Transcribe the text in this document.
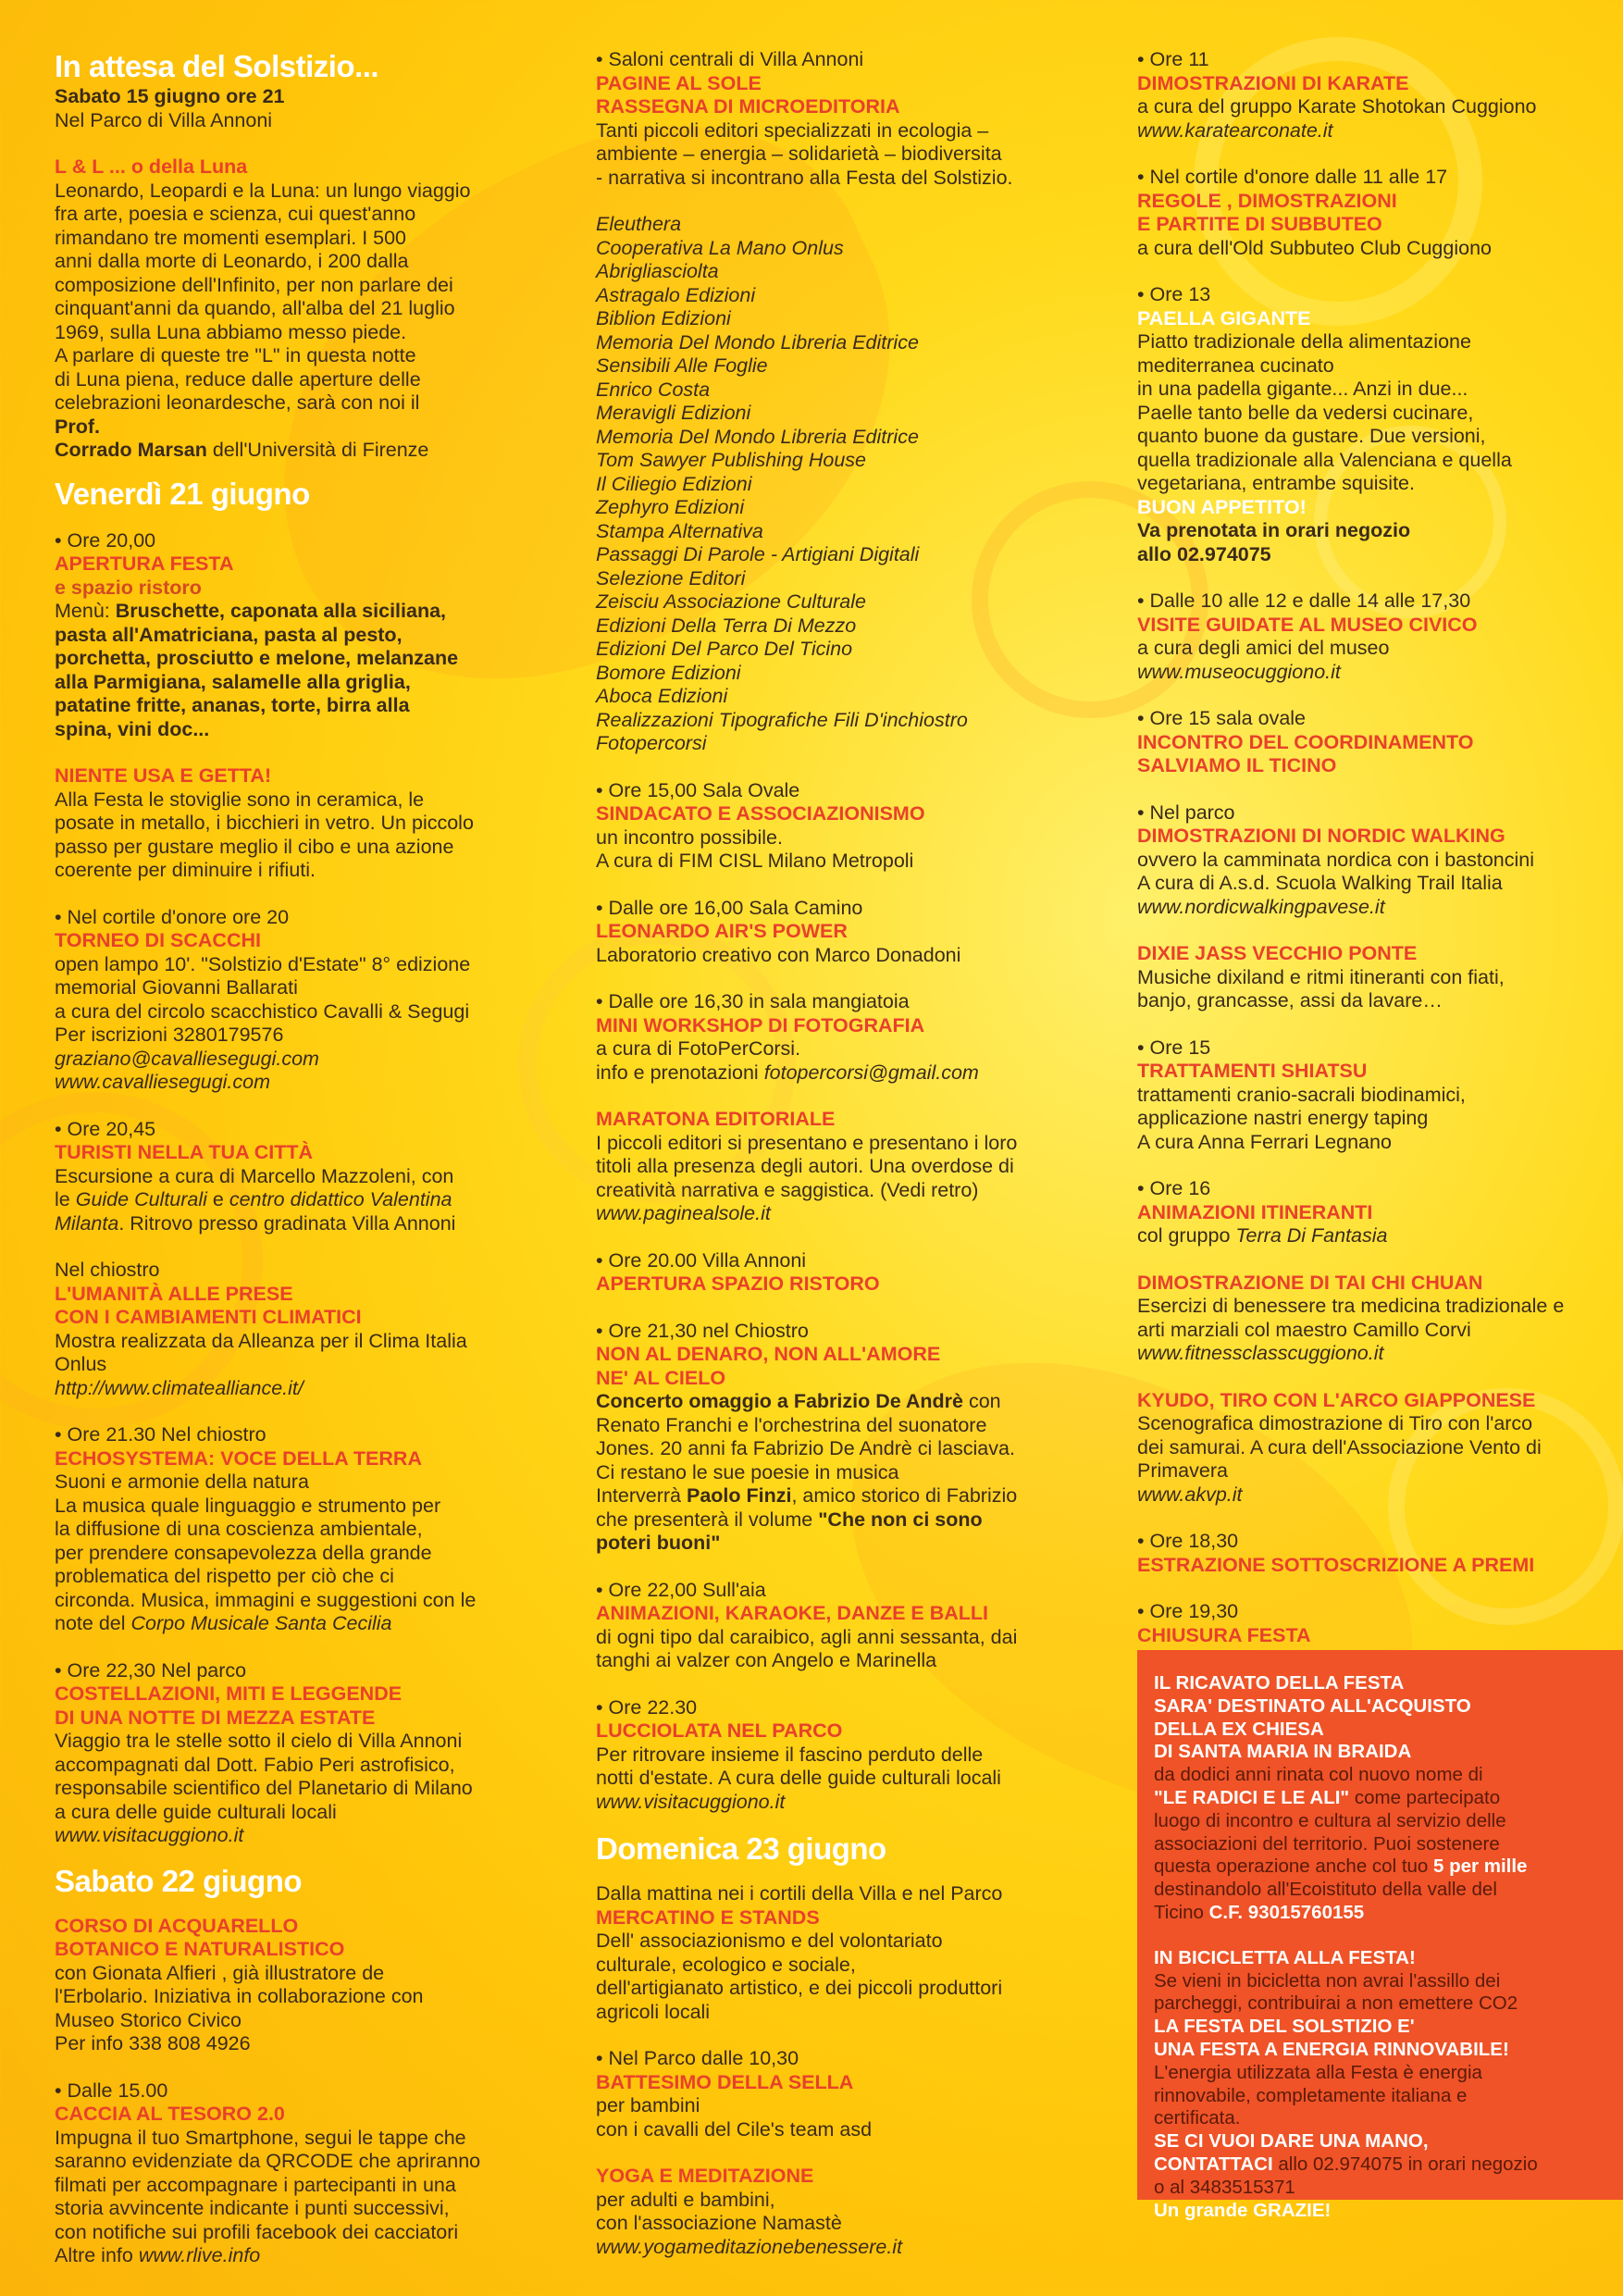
In attesa del Solstizio...
Sabato 15 giugno ore 21
Nel Parco di Villa Annoni
L & L ... o della Luna
Leonardo, Leopardi e la Luna: un lungo viaggio
fra arte, poesia e scienza, cui quest'anno
rimandano tre momenti esemplari. I 500
anni dalla morte di Leonardo, i 200 dalla
composizione dell'Infinito, per non parlare dei
cinquant'anni da quando, all'alba del 21 luglio
1969, sulla Luna abbiamo messo piede.
A parlare di queste tre "L" in questa notte
di Luna piena, reduce dalle aperture delle
celebrazioni leonardesche, sarà con noi il
Prof.
Corrado Marsan dell'Università di Firenze
Venerdì 21 giugno
• Ore 20,00
APERTURA FESTA
e spazio ristoro
Menù: Bruschette, caponata alla siciliana,
pasta all'Amatriciana, pasta al pesto,
porchetta, prosciutto e melone, melanzane
alla Parmigiana, salamelle alla griglia,
patatine fritte, ananas, torte, birra alla
spina, vini doc...
NIENTE USA E GETTA!
Alla Festa le stoviglie sono in ceramica, le
posate in metallo, i bicchieri in vetro. Un piccolo
passo per gustare meglio il cibo e una azione
coerente per diminuire i rifiuti.
• Nel cortile d'onore ore 20
TORNEO DI SCACCHI
open lampo 10'. "Solstizio d'Estate" 8° edizione
memorial Giovanni Ballarati
a cura del circolo scacchistico Cavalli & Segugi
Per iscrizioni 3280179576
graziano@cavalliesegugi.com
www.cavalliesegugi.com
• Ore 20,45
TURISTI NELLA TUA CITTÀ
Escursione a cura di Marcello Mazzoleni, con
le Guide Culturali e centro didattico Valentina
Milanta. Ritrovo presso gradinata Villa Annoni
Nel chiostro
L'UMANITÀ ALLE PRESE
CON I CAMBIAMENTI CLIMATICI
Mostra realizzata da Alleanza per il Clima Italia
Onlus
http://www.climatealliance.it/
• Ore 21.30 Nel chiostro
ECHOSYSTEMA: VOCE DELLA TERRA
Suoni e armonie della natura
La musica quale linguaggio e strumento per
la diffusione di una coscienza ambientale,
per prendere consapevolezza della grande
problematica del rispetto per ciò che ci
circonda. Musica, immagini e suggestioni con le
note del Corpo Musicale Santa Cecilia
• Ore 22,30 Nel parco
COSTELLAZIONI, MITI E LEGGENDE
DI UNA NOTTE DI MEZZA ESTATE
Viaggio tra le stelle sotto il cielo di Villa Annoni
accompagnati dal Dott. Fabio Peri astrofisico,
responsabile scientifico del Planetario di Milano
a cura delle guide culturali locali
www.visitacuggiono.it
Sabato 22 giugno
CORSO DI ACQUARELLO
BOTANICO E NATURALISTICO
con Gionata Alfieri , già illustratore de
l'Erbolario. Iniziativa in collaborazione con
Museo Storico Civico
Per info 338 808 4926
• Dalle 15.00
CACCIA AL TESORO 2.0
Impugna il tuo Smartphone, segui le tappe che
saranno evidenziate da QRCODE che apriranno
filmati per accompagnare i partecipanti in una
storia avvincente indicante i punti successivi,
con notifiche sui profili facebook dei cacciatori
Altre info www.rlive.info
• Saloni centrali di Villa Annoni
PAGINE AL SOLE
RASSEGNA DI MICROEDITORIA
Tanti piccoli editori specializzati in ecologia –
ambiente – energia – solidarietà – biodiversita
- narrativa si incontrano alla Festa del Solstizio.
Eleuthera
Cooperativa La Mano Onlus
Abrigliasciolta
Astragalo Edizioni
Biblion Edizioni
Memoria Del Mondo Libreria Editrice
Sensibili Alle Foglie
Enrico Costa
Meravigli Edizioni
Memoria Del Mondo Libreria Editrice
Tom Sawyer Publishing House
Il Ciliegio Edizioni
Zephyro Edizioni
Stampa Alternativa
Passaggi Di Parole - Artigiani Digitali
Selezione Editori
Zeisciu Associazione Culturale
Edizioni Della Terra Di Mezzo
Edizioni Del Parco Del Ticino
Bomore Edizioni
Aboca Edizioni
Realizzazioni Tipografiche Fili D'inchiostro
Fotopercorsi
• Ore 15,00 Sala Ovale
SINDACATO E ASSOCIAZIONISMO
un incontro possibile.
A cura di FIM CISL Milano Metropoli
• Dalle ore 16,00 Sala Camino
LEONARDO AIR'S POWER
Laboratorio creativo con Marco Donadoni
• Dalle ore 16,30 in sala mangiatoia
MINI WORKSHOP DI FOTOGRAFIA
a cura di FotoPerCorsi.
info e prenotazioni fotopercorsi@gmail.com
MARATONA EDITORIALE
I piccoli editori si presentano e presentano i loro
titoli alla presenza degli autori. Una overdose di
creatività narrativa e saggistica. (Vedi retro)
www.paginealsole.it
• Ore 20.00 Villa Annoni
APERTURA SPAZIO RISTORO
• Ore 21,30 nel Chiostro
NON AL DENARO, NON ALL'AMORE
NE' AL CIELO
Concerto omaggio a Fabrizio De Andrè con
Renato Franchi e l'orchestrina del suonatore
Jones. 20 anni fa Fabrizio De Andrè ci lasciava.
Ci restano le sue poesie in musica
Interverrà Paolo Finzi, amico storico di Fabrizio
che presenterà il volume "Che non ci sono
poteri buoni"
• Ore 22,00 Sull'aia
ANIMAZIONI, KARAOKE, DANZE E BALLI
di ogni tipo dal caraibico, agli anni sessanta, dai
tanghi ai valzer con Angelo e Marinella
• Ore 22.30
LUCCIOLATA NEL PARCO
Per ritrovare insieme il fascino perduto delle
notti d'estate. A cura delle guide culturali locali
www.visitacuggiono.it
Domenica 23 giugno
Dalla mattina nei i cortili della Villa e nel Parco
MERCATINO E STANDS
Dell' associazionismo e del volontariato
culturale, ecologico e sociale,
dell'artigianato artistico, e dei piccoli produttori
agricoli locali
• Nel Parco dalle 10,30
BATTESIMO DELLA SELLA
per bambini
con i cavalli del Cile's team asd
YOGA E MEDITAZIONE
per adulti e bambini,
con l'associazione Namastè
www.yogameditazionebenessere.it
• Ore 11
DIMOSTRAZIONI DI KARATE
a cura del gruppo Karate Shotokan Cuggiono
www.karatearconate.it
• Nel cortile d'onore dalle 11 alle 17
REGOLE , DIMOSTRAZIONI
E PARTITE DI SUBBUTEO
a cura dell'Old Subbuteo Club Cuggiono
• Ore 13
PAELLA GIGANTE
Piatto tradizionale della alimentazione
mediterranea cucinato
in una padella gigante... Anzi in due...
Paelle tanto belle da vedersi cucinare,
quanto buone da gustare. Due versioni,
quella tradizionale alla Valenciana e quella
vegetariana, entrambe squisite.
BUON APPETITO!
Va prenotata in orari negozio
allo 02.974075
• Dalle 10 alle 12 e dalle 14 alle 17,30
VISITE GUIDATE AL MUSEO CIVICO
a cura degli amici del museo
www.museocuggiono.it
• Ore 15 sala ovale
INCONTRO DEL COORDINAMENTO
SALVIAMO IL TICINO
• Nel parco
DIMOSTRAZIONI DI NORDIC WALKING
ovvero la camminata nordica con i bastoncini
A cura di A.s.d. Scuola Walking Trail Italia
www.nordicwalkingpavese.it
DIXIE JASS VECCHIO PONTE
Musiche dixiland e ritmi itineranti con fiati,
banjo, grancasse, assi da lavare…
• Ore 15
TRATTAMENTI SHIATSU
trattamenti cranio-sacrali biodinamici,
applicazione nastri energy taping
A cura Anna Ferrari Legnano
• Ore 16
ANIMAZIONI ITINERANTI
col gruppo Terra Di Fantasia
DIMOSTRAZIONE DI TAI CHI CHUAN
Esercizi di benessere tra medicina tradizionale e
arti marziali col maestro Camillo Corvi
www.fitnessclasscuggiono.it
KYUDO, TIRO CON L'ARCO GIAPPONESE
Scenografica dimostrazione di Tiro con l'arco
dei samurai. A cura dell'Associazione Vento di
Primavera
www.akvp.it
• Ore 18,30
ESTRAZIONE SOTTOSCRIZIONE A PREMI
• Ore 19,30
CHIUSURA FESTA
IL RICAVATO DELLA FESTA
SARA' DESTINATO ALL'ACQUISTO
DELLA EX CHIESA
DI SANTA MARIA IN BRAIDA
da dodici anni rinata col nuovo nome di
"LE RADICI E LE ALI" come partecipato
luogo di incontro e cultura al servizio delle
associazioni del territorio. Puoi sostenere
questa operazione anche col tuo 5 per mille
destinandolo all'Ecoistituto della valle del
Ticino C.F. 93015760155
IN BICICLETTA ALLA FESTA!
Se vieni in bicicletta non avrai l'assillo dei
parcheggi, contribuirai a non emettere CO2
LA FESTA DEL SOLSTIZIO E'
UNA FESTA A ENERGIA RINNOVABILE!
L'energia utilizzata alla Festa è energia
rinnovabile, completamente italiana e
certificata.
SE CI VUOI DARE UNA MANO,
CONTATTACI allo 02.974075 in orari negozio
o al 3483515371
Un grande GRAZIE!
